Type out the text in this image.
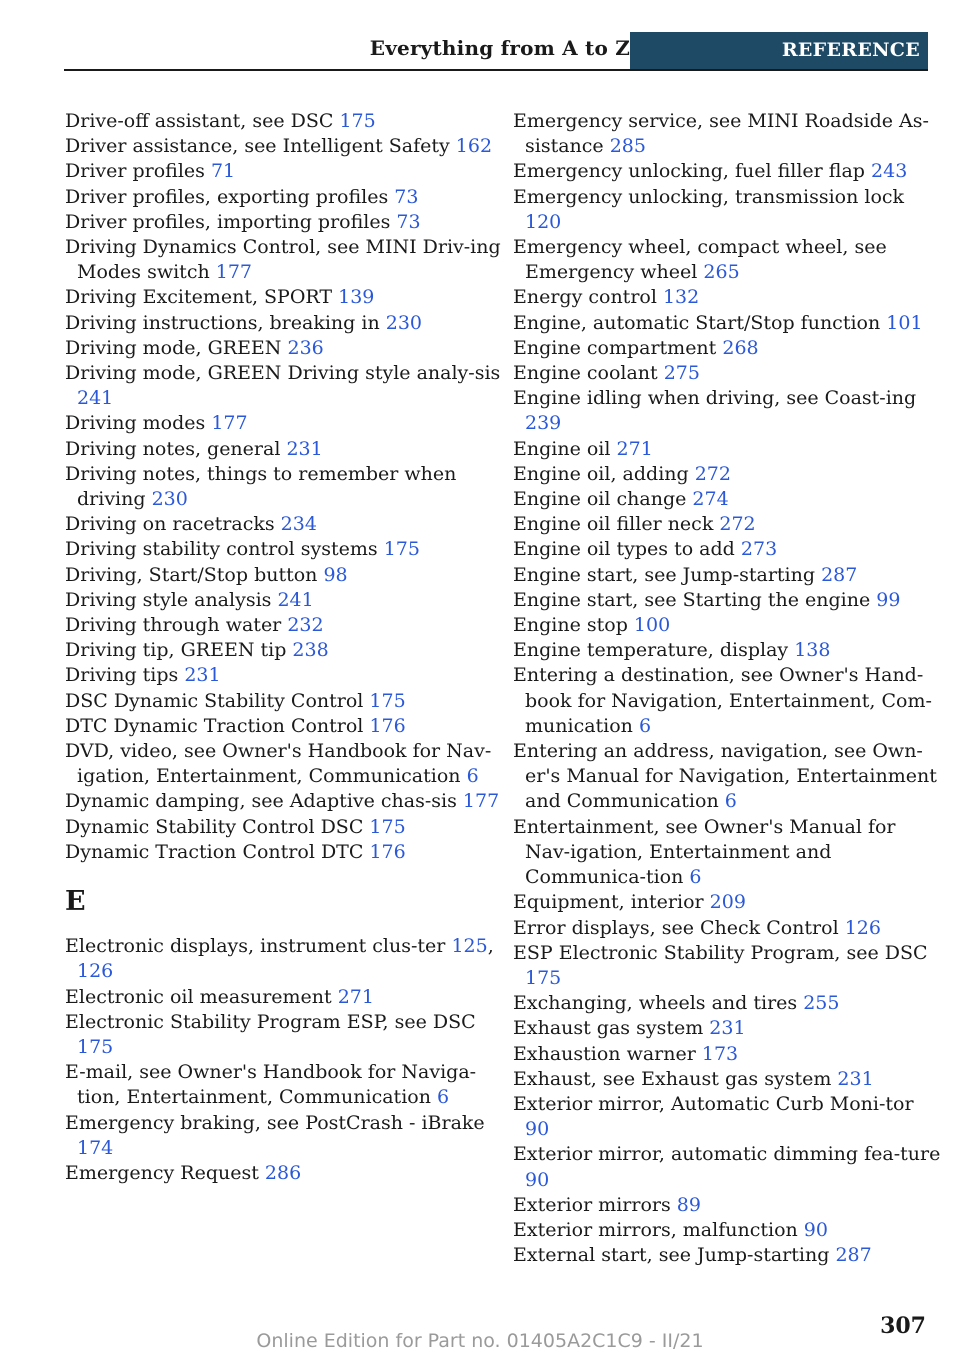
Everything from A to Z	REFERENCE
Drive-off assistant, see DSC 175
Driver assistance, see Intelligent Safety 162
Driver profiles 71
Driver profiles, exporting profiles 73
Driver profiles, importing profiles 73
Driving Dynamics Control, see MINI Driv‐ing Modes switch 177
Driving Excitement, SPORT 139
Driving instructions, breaking in 230
Driving mode, GREEN 236
Driving mode, GREEN Driving style analy‐sis 241
Driving modes 177
Driving notes, general 231
Driving notes, things to remember when driving 230
Driving on racetracks 234
Driving stability control systems 175
Driving, Start/Stop button 98
Driving style analysis 241
Driving through water 232
Driving tip, GREEN tip 238
Driving tips 231
DSC Dynamic Stability Control 175
DTC Dynamic Traction Control 176
DVD, video, see Owner's Handbook for Nav‐igation, Entertainment, Communication 6
Dynamic damping, see Adaptive chas‐sis 177
Dynamic Stability Control DSC 175
Dynamic Traction Control DTC 176
E
Electronic displays, instrument clus‐ter 125, 126
Electronic oil measurement 271
Electronic Stability Program ESP, see DSC 175
E-mail, see Owner's Handbook for Naviga‐tion, Entertainment, Communication 6
Emergency braking, see PostCrash - iBrake 174
Emergency Request 286
Emergency service, see MINI Roadside As‐sistance 285
Emergency unlocking, fuel filler flap 243
Emergency unlocking, transmission lock 120
Emergency wheel, compact wheel, see Emergency wheel 265
Energy control 132
Engine, automatic Start/Stop function 101
Engine compartment 268
Engine coolant 275
Engine idling when driving, see Coast‐ing 239
Engine oil 271
Engine oil, adding 272
Engine oil change 274
Engine oil filler neck 272
Engine oil types to add 273
Engine start, see Jump-starting 287
Engine start, see Starting the engine 99
Engine stop 100
Engine temperature, display 138
Entering a destination, see Owner's Hand‐book for Navigation, Entertainment, Com‐munication 6
Entering an address, navigation, see Own‐er's Manual for Navigation, Entertainment and Communication 6
Entertainment, see Owner's Manual for Nav‐igation, Entertainment and Communica‐tion 6
Equipment, interior 209
Error displays, see Check Control 126
ESP Electronic Stability Program, see DSC 175
Exchanging, wheels and tires 255
Exhaust gas system 231
Exhaustion warner 173
Exhaust, see Exhaust gas system 231
Exterior mirror, Automatic Curb Moni‐tor 90
Exterior mirror, automatic dimming fea‐ture 90
Exterior mirrors 89
Exterior mirrors, malfunction 90
External start, see Jump-starting 287
307
Online Edition for Part no. 01405A2C1C9 - II/21
